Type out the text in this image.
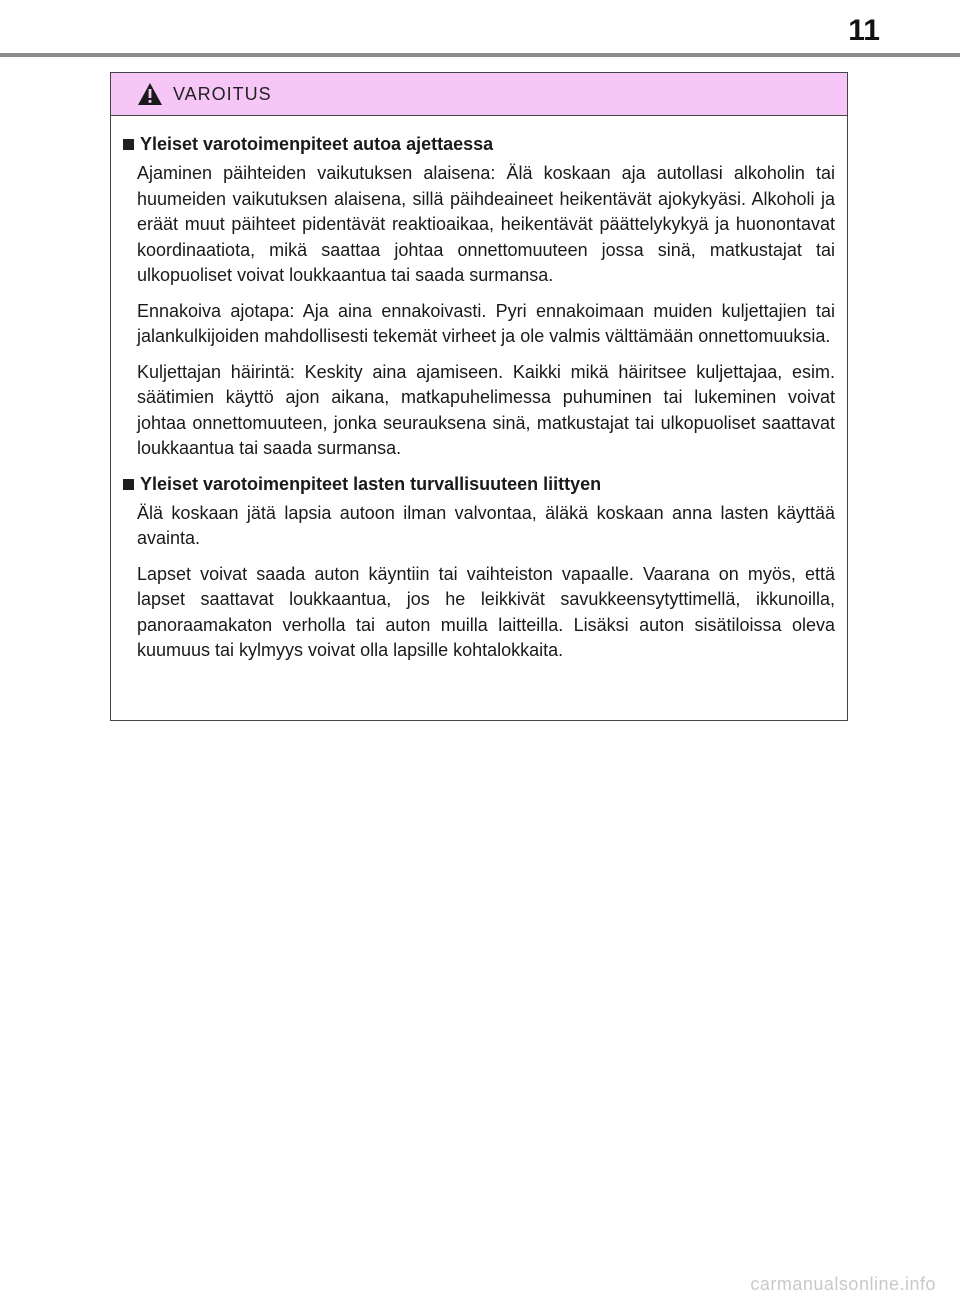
11
VAROITUS
Yleiset varotoimenpiteet autoa ajettaessa

Ajaminen päihteiden vaikutuksen alaisena: Älä koskaan aja autollasi alkoholin tai huumeiden vaikutuksen alaisena, sillä päihdeaineet heikentävät ajokykyäsi. Alkoholi ja eräät muut päihteet pidentävät reaktioaikaa, heikentävät päättelykykyä ja huonontavat koordinaatiota, mikä saattaa johtaa onnettomuuteen jossa sinä, matkustajat tai ulkopuoliset voivat loukkaantua tai saada surmansa.

Ennakoiva ajotapa: Aja aina ennakoivasti. Pyri ennakoimaan muiden kuljettajien tai jalankulkijoiden mahdollisesti tekemät virheet ja ole valmis välttämään onnettomuuksia.

Kuljettajan häirintä: Keskity aina ajamiseen. Kaikki mikä häiritsee kuljettajaa, esim. säätimien käyttö ajon aikana, matkapuhelimessa puhuminen tai lukeminen voivat johtaa onnettomuuteen, jonka seurauksena sinä, matkustajat tai ulkopuoliset saattavat loukkaantua tai saada surmansa.

Yleiset varotoimenpiteet lasten turvallisuuteen liittyen

Älä koskaan jätä lapsia autoon ilman valvontaa, äläkä koskaan anna lasten käyttää avainta.

Lapset voivat saada auton käyntiin tai vaihteiston vapaalle. Vaarana on myös, että lapset saattavat loukkaantua, jos he leikkivät savukkeensytyttimellä, ikkunoilla, panoraamakaton verholla tai auton muilla laitteilla. Lisäksi auton sisätiloissa oleva kuumuus tai kylmyys voivat olla lapsille kohtalokkaita.

carmanualsonline.info
